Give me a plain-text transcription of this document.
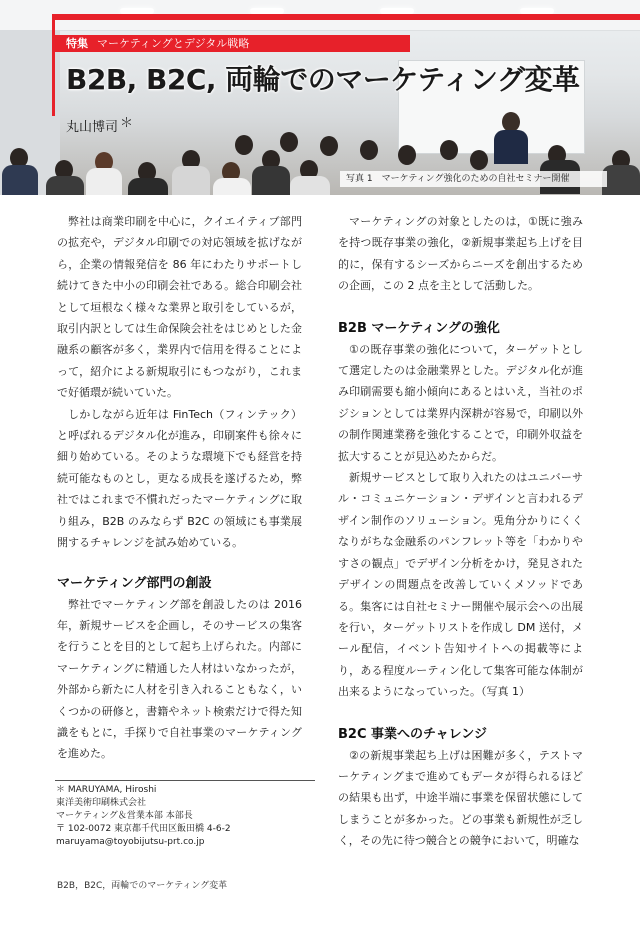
特集 マーケティングとデジタル戦略
B2B, B2C, 両輪でのマーケティング変革
丸山博司 ＊
写真 1　マーケティング強化のための自社セミナー開催

弊社は商業印刷を中心に，クイエイティブ部門の拡充や，デジタル印刷での対応領域を拡げながら，企業の情報発信を 86 年にわたりサポートし続けてきた中小の印刷会社である。総合印刷会社として垣根なく様々な業界と取引をしているが，取引内訳としては生命保険会社をはじめとした金融系の顧客が多く，業界内で信用を得ることによって，紹介による新規取引にもつながり，これまで好循環が続いていた。

しかしながら近年は FinTech（フィンテック）と呼ばれるデジタル化が進み，印刷案件も徐々に細り始めている。そのような環境下でも経営を持続可能なものとし，更なる成長を遂げるため，弊社ではこれまで不慣れだったマーケティングに取り組み，B2B のみならず B2C の領域にも事業展開するチャレンジを試み始めている。

マーケティング部門の創設

弊社でマーケティング部を創設したのは 2016年，新規サービスを企画し，そのサービスの集客を行うことを目的として起ち上げられた。内部にマーケティングに精通した人材はいなかったが，外部から新たに人材を引き入れることもなく，いくつかの研修と，書籍やネット検索だけで得た知識をもとに，手探りで自社事業のマーケティングを進めた。

マーケティングの対象としたのは，①既に強みを持つ既存事業の強化，②新規事業起ち上げを目的に，保有するシーズからニーズを創出するための企画，この 2 点を主として活動した。

B2B マーケティングの強化

①の既存事業の強化について，ターゲットとして選定したのは金融業界とした。デジタル化が進み印刷需要も縮小傾向にあるとはいえ，当社のポジションとしては業界内深耕が容易で，印刷以外の制作関連業務を強化することで，印刷外収益を拡大することが見込めたからだ。

新規サービスとして取り入れたのはユニバーサル・コミュニケーション・デザインと言われるデザイン制作のソリューション。兎角分かりにくくなりがちな金融系のパンフレット等を「わかりやすさの観点」でデザイン分析をかけ，発見されたデザインの問題点を改善していくメソッドである。集客には自社セミナー開催や展示会への出展を行い，ターゲットリストを作成し DM 送付，メール配信，イベント告知サイトへの掲載等により，ある程度ルーティン化して集客可能な体制が出来るようになっていった。（写真 1）

B2C 事業へのチャレンジ

②の新規事業起ち上げは困難が多く，テストマーケティングまで進めてもデータが得られるほどの結果も出ず，中途半端に事業を保留状態にしてしまうことが多かった。どの事業も新規性が乏しく，その先に待つ競合との競争において，明確な

＊ MARUYAMA, Hiroshi
東洋美術印刷株式会社
マーケティング＆営業本部 本部長
〒 102-0072 東京都千代田区飯田橋 4-6-2
maruyama@toyobijutsu-prt.co.jp
B2B，B2C，両輪でのマーケティング変革
